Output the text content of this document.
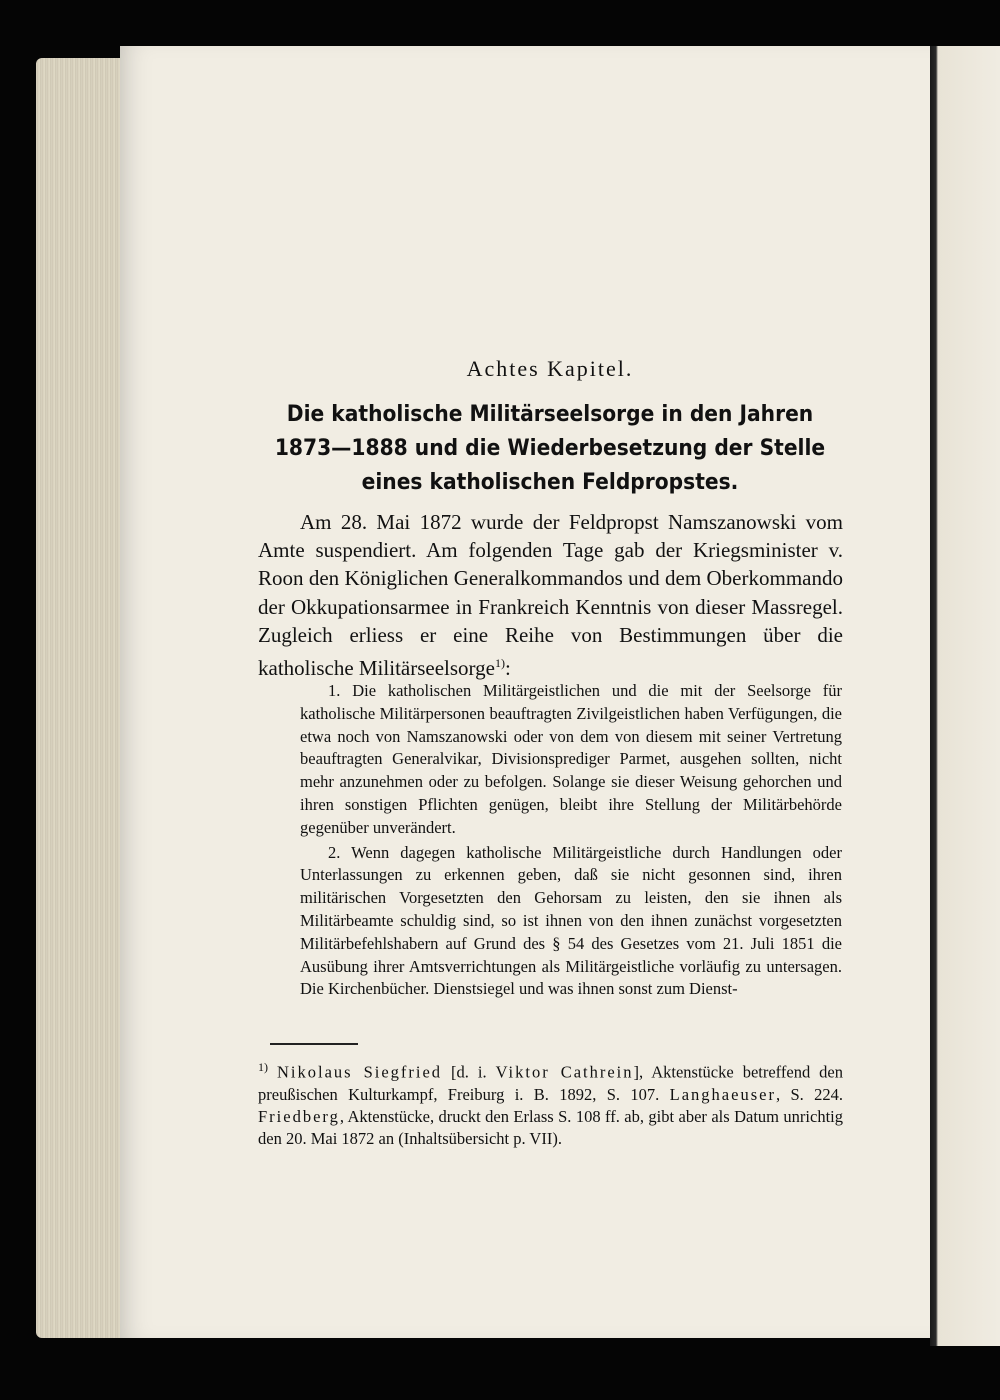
Achtes Kapitel.
Die katholische Militärseelsorge in den Jahren 1873—1888 und die Wiederbesetzung der Stelle eines katholischen Feldpropstes.
Am 28. Mai 1872 wurde der Feldpropst Namszanowski vom Amte suspendiert. Am folgenden Tage gab der Kriegsminister v. Roon den Königlichen Generalkommandos und dem Oberkommando der Okkupationsarmee in Frankreich Kenntnis von dieser Massregel. Zugleich erliess er eine Reihe von Bestimmungen über die katholische Militärseelsorge$^{1)}$:

1. Die katholischen Militärgeistlichen und die mit der Seelsorge für katholische Militärpersonen beauftragten Zivilgeistlichen haben Verfügungen, die etwa noch von Namszanowski oder von dem von diesem mit seiner Vertretung beauftragten Generalvikar, Divisionsprediger Parmet, ausgehen sollten, nicht mehr anzunehmen oder zu befolgen. Solange sie dieser Weisung gehorchen und ihren sonstigen Pflichten genügen, bleibt ihre Stellung der Militärbehörde gegenüber unverändert.

2. Wenn dagegen katholische Militärgeistliche durch Handlungen oder Unterlassungen zu erkennen geben, daß sie nicht gesonnen sind, ihren militärischen Vorgesetzten den Gehorsam zu leisten, den sie ihnen als Militärbeamte schuldig sind, so ist ihnen von den ihnen zunächst vorgesetzten Militärbefehlshabern auf Grund des § 54 des Gesetzes vom 21. Juli 1851 die Ausübung ihrer Amtsverrichtungen als Militärgeistliche vorläufig zu untersagen. Die Kirchenbücher. Dienstsiegel und was ihnen sonst zum Dienst-

$^{1)}$ Nikolaus Siegfried [d. i. Viktor Cathrein], Aktenstücke betreffend den preußischen Kulturkampf, Freiburg i. B. 1892, S. 107. Langhaeuser, S. 224. Friedberg, Aktenstücke, druckt den Erlass S. 108 ff. ab, gibt aber als Datum unrichtig den 20. Mai 1872 an (Inhaltsübersicht p. VII).
